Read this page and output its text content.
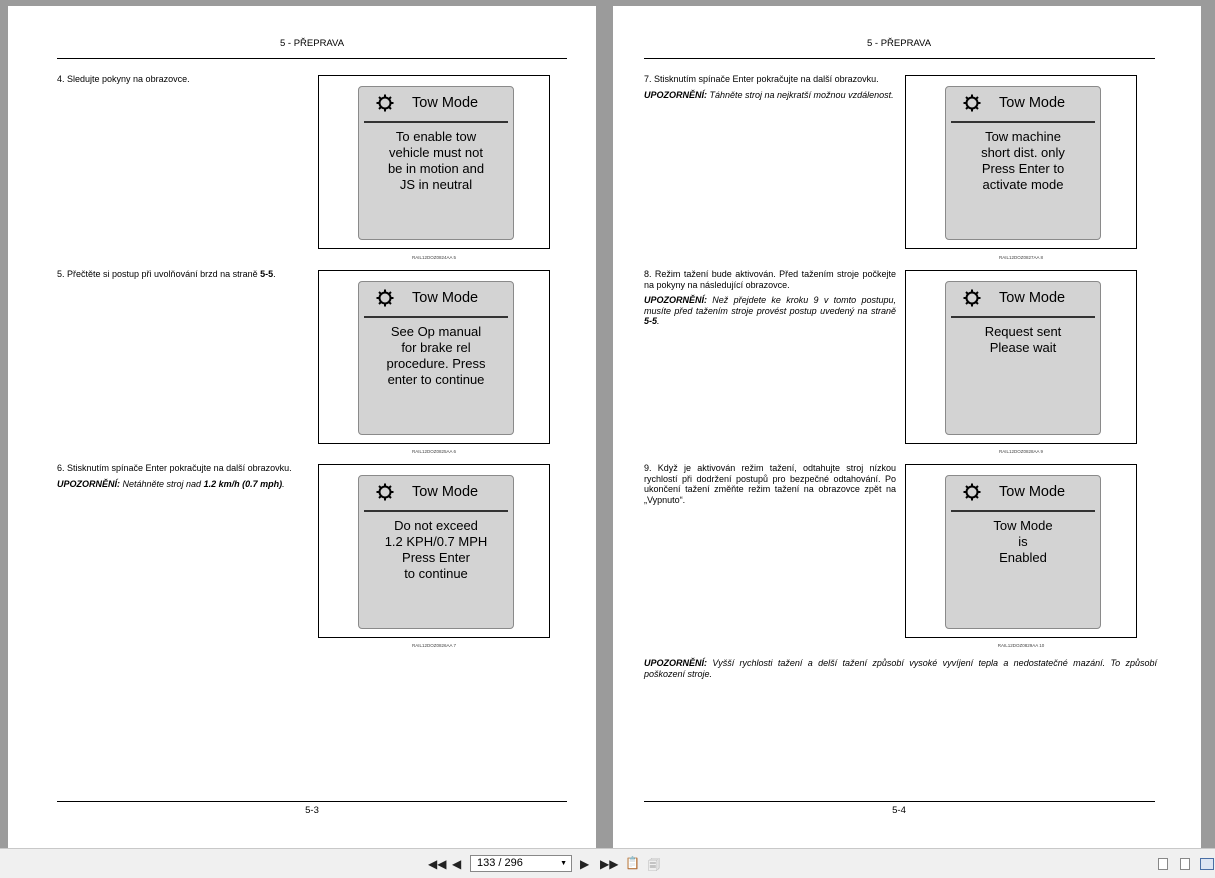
5 - PŘEPRAVA
4. Sledujte pokyny na obrazovce.
Tow Mode
To enable tow
vehicle must not
be in motion and
JS in neutral
RAIL12DOZ0824AA 5
5. Přečtěte si postup při uvolňování brzd na straně 5-5.
Tow Mode
See Op manual
for brake rel
procedure. Press
enter to continue
RAIL12DOZ0825AA 6
6. Stisknutím spínače Enter pokračujte na další obrazovku.
UPOZORNĚNÍ: Netáhněte stroj nad 1.2 km/h (0.7 mph).
Tow Mode
Do not exceed
1.2 KPH/0.7 MPH
Press Enter
to continue
RAIL12DOZ0826AA 7
5-3
5 - PŘEPRAVA
7. Stisknutím spínače Enter pokračujte na další obrazovku.
UPOZORNĚNÍ: Táhněte stroj na nejkratší možnou vzdálenost.
Tow Mode
Tow machine
short dist. only
Press Enter to
activate mode
RAIL12DOZ0827AA 8
8. Režim tažení bude aktivován. Před tažením stroje počkejte na pokyny na následující obrazovce.
UPOZORNĚNÍ: Než přejdete ke kroku 9 v tomto postupu, musíte před tažením stroje provést postup uvedený na straně 5-5.
Tow Mode
Request sent
Please wait
RAIL12DOZ0828AA 9
9. Když je aktivován režim tažení, odtahujte stroj nízkou rychlostí při dodržení postupů pro bezpečné odtahování. Po ukončení tažení změňte režim tažení na obrazovce zpět na „Vypnuto“.	Tow Mode
Tow Mode
is
Enabled
RAIL12DOZ0829AA 10
UPOZORNĚNÍ: Vyšší rychlosti tažení a delší tažení způsobí vysoké vyvíjení tepla a nedostatečné mazání. To způsobí poškození stroje.
5-4
◀◀ ◀	133 / 296	▼ ▶ ▶▶ 📋 🗐
